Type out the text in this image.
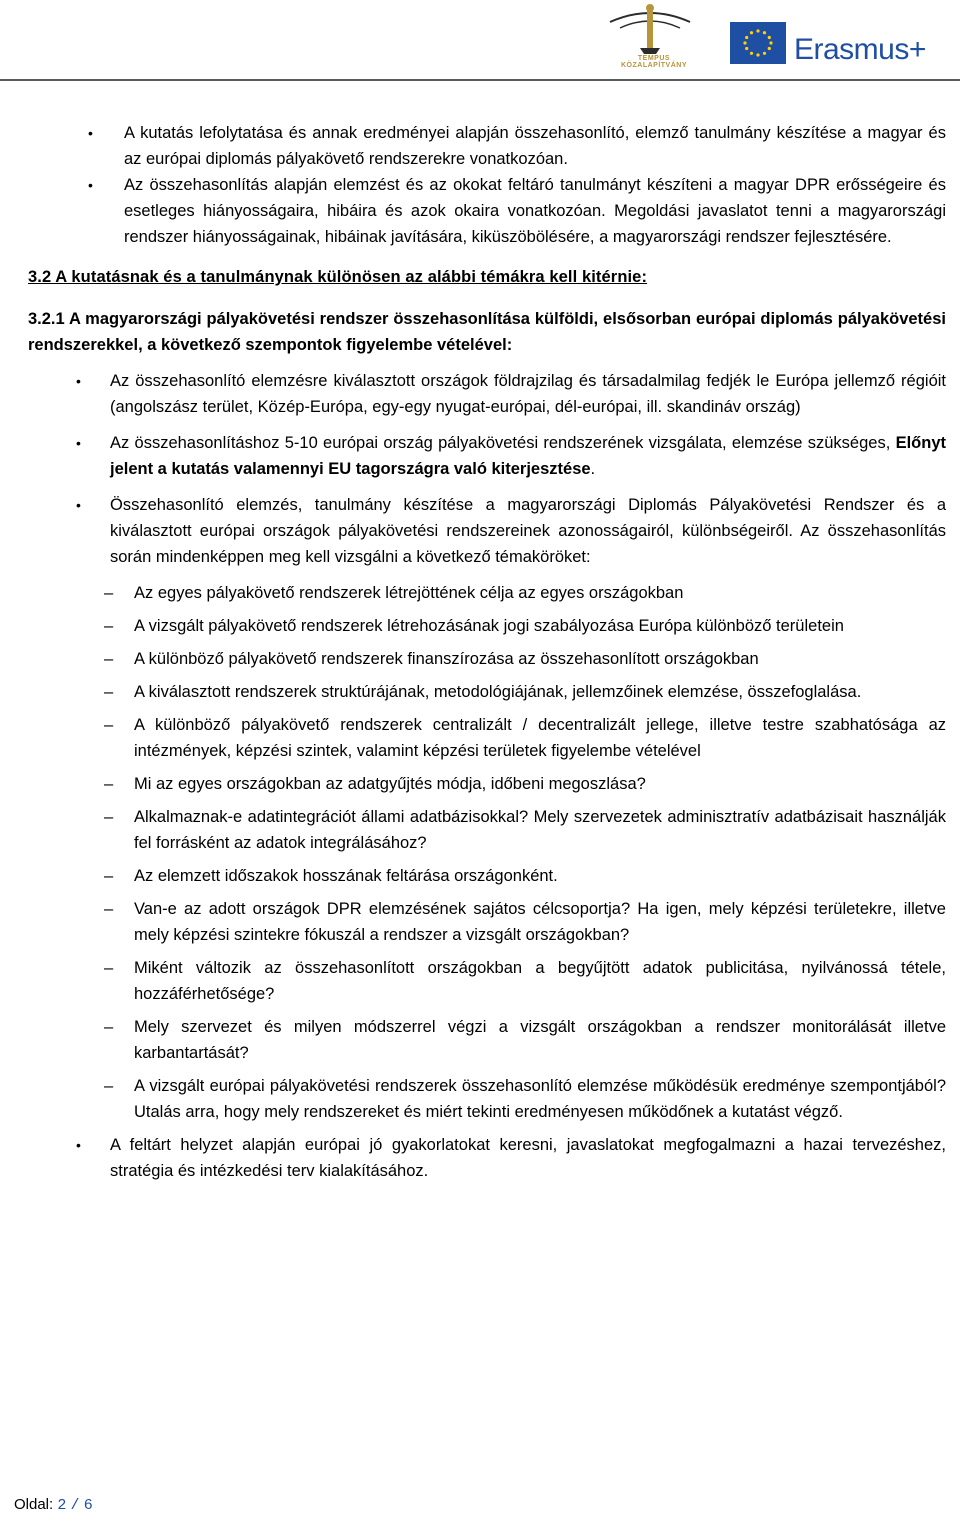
TEMPUS KÖZALAPÍTVÁNY	Erasmus+
• A kutatás lefolytatása és annak eredményei alapján összehasonlító, elemző tanulmány készítése a magyar és az európai diplomás pályakövető rendszerekre vonatkozóan.
• Az összehasonlítás alapján elemzést és az okokat feltáró tanulmányt készíteni a magyar DPR erősségeire és esetleges hiányosságaira, hibáira és azok okaira vonatkozóan. Megoldási javaslatot tenni a magyarországi rendszer hiányosságainak, hibáinak javítására, kiküszöbölésére, a magyarországi rendszer fejlesztésére.
3.2 A kutatásnak és a tanulmánynak különösen az alábbi témákra kell kitérnie:
3.2.1 A magyarországi pályakövetési rendszer összehasonlítása külföldi, elsősorban európai diplomás pályakövetési rendszerekkel, a következő szempontok figyelembe vételével:
• Az összehasonlító elemzésre kiválasztott országok földrajzilag és társadalmilag fedjék le Európa jellemző régióit (angolszász terület, Közép-Európa, egy-egy nyugat-európai, dél-európai, ill. skandináv ország)
• Az összehasonlításhoz 5-10 európai ország pályakövetési rendszerének vizsgálata, elemzése szükséges, Előnyt jelent a kutatás valamennyi EU tagországra való kiterjesztése.
• Összehasonlító elemzés, tanulmány készítése a magyarországi Diplomás Pályakövetési Rendszer és a kiválasztott európai országok pályakövetési rendszereinek azonosságairól, különbségeiről. Az összehasonlítás során mindenképpen meg kell vizsgálni a következő témaköröket:
– Az egyes pályakövető rendszerek létrejöttének célja az egyes országokban
– A vizsgált pályakövető rendszerek létrehozásának jogi szabályozása Európa különböző területein
– A különböző pályakövető rendszerek finanszírozása az összehasonlított országokban
– A kiválasztott rendszerek struktúrájának, metodológiájának, jellemzőinek elemzése, összefoglalása.
– A különböző pályakövető rendszerek centralizált / decentralizált jellege, illetve testre szabhatósága az intézmények, képzési szintek, valamint képzési területek figyelembe vételével
– Mi az egyes országokban az adatgyűjtés módja, időbeni megoszlása?
– Alkalmaznak-e adatintegrációt állami adatbázisokkal? Mely szervezetek adminisztratív adatbázisait használják fel forrásként az adatok integrálásához?
– Az elemzett időszakok hosszának feltárása országonként.
– Van-e az adott országok DPR elemzésének sajátos célcsoportja? Ha igen, mely képzési területekre, illetve mely képzési szintekre fókuszál a rendszer a vizsgált országokban?
– Miként változik az összehasonlított országokban a begyűjtött adatok publicitása, nyilvánossá tétele, hozzáférhetősége?
– Mely szervezet és milyen módszerrel végzi a vizsgált országokban a rendszer monitorálását illetve karbantartását?
– A vizsgált európai pályakövetési rendszerek összehasonlító elemzése működésük eredménye szempontjából? Utalás arra, hogy mely rendszereket és miért tekinti eredményesen működőnek a kutatást végző.
• A feltárt helyzet alapján európai jó gyakorlatokat keresni, javaslatokat megfogalmazni a hazai tervezéshez, stratégia és intézkedési terv kialakításához.
Oldal: 2 / 6
